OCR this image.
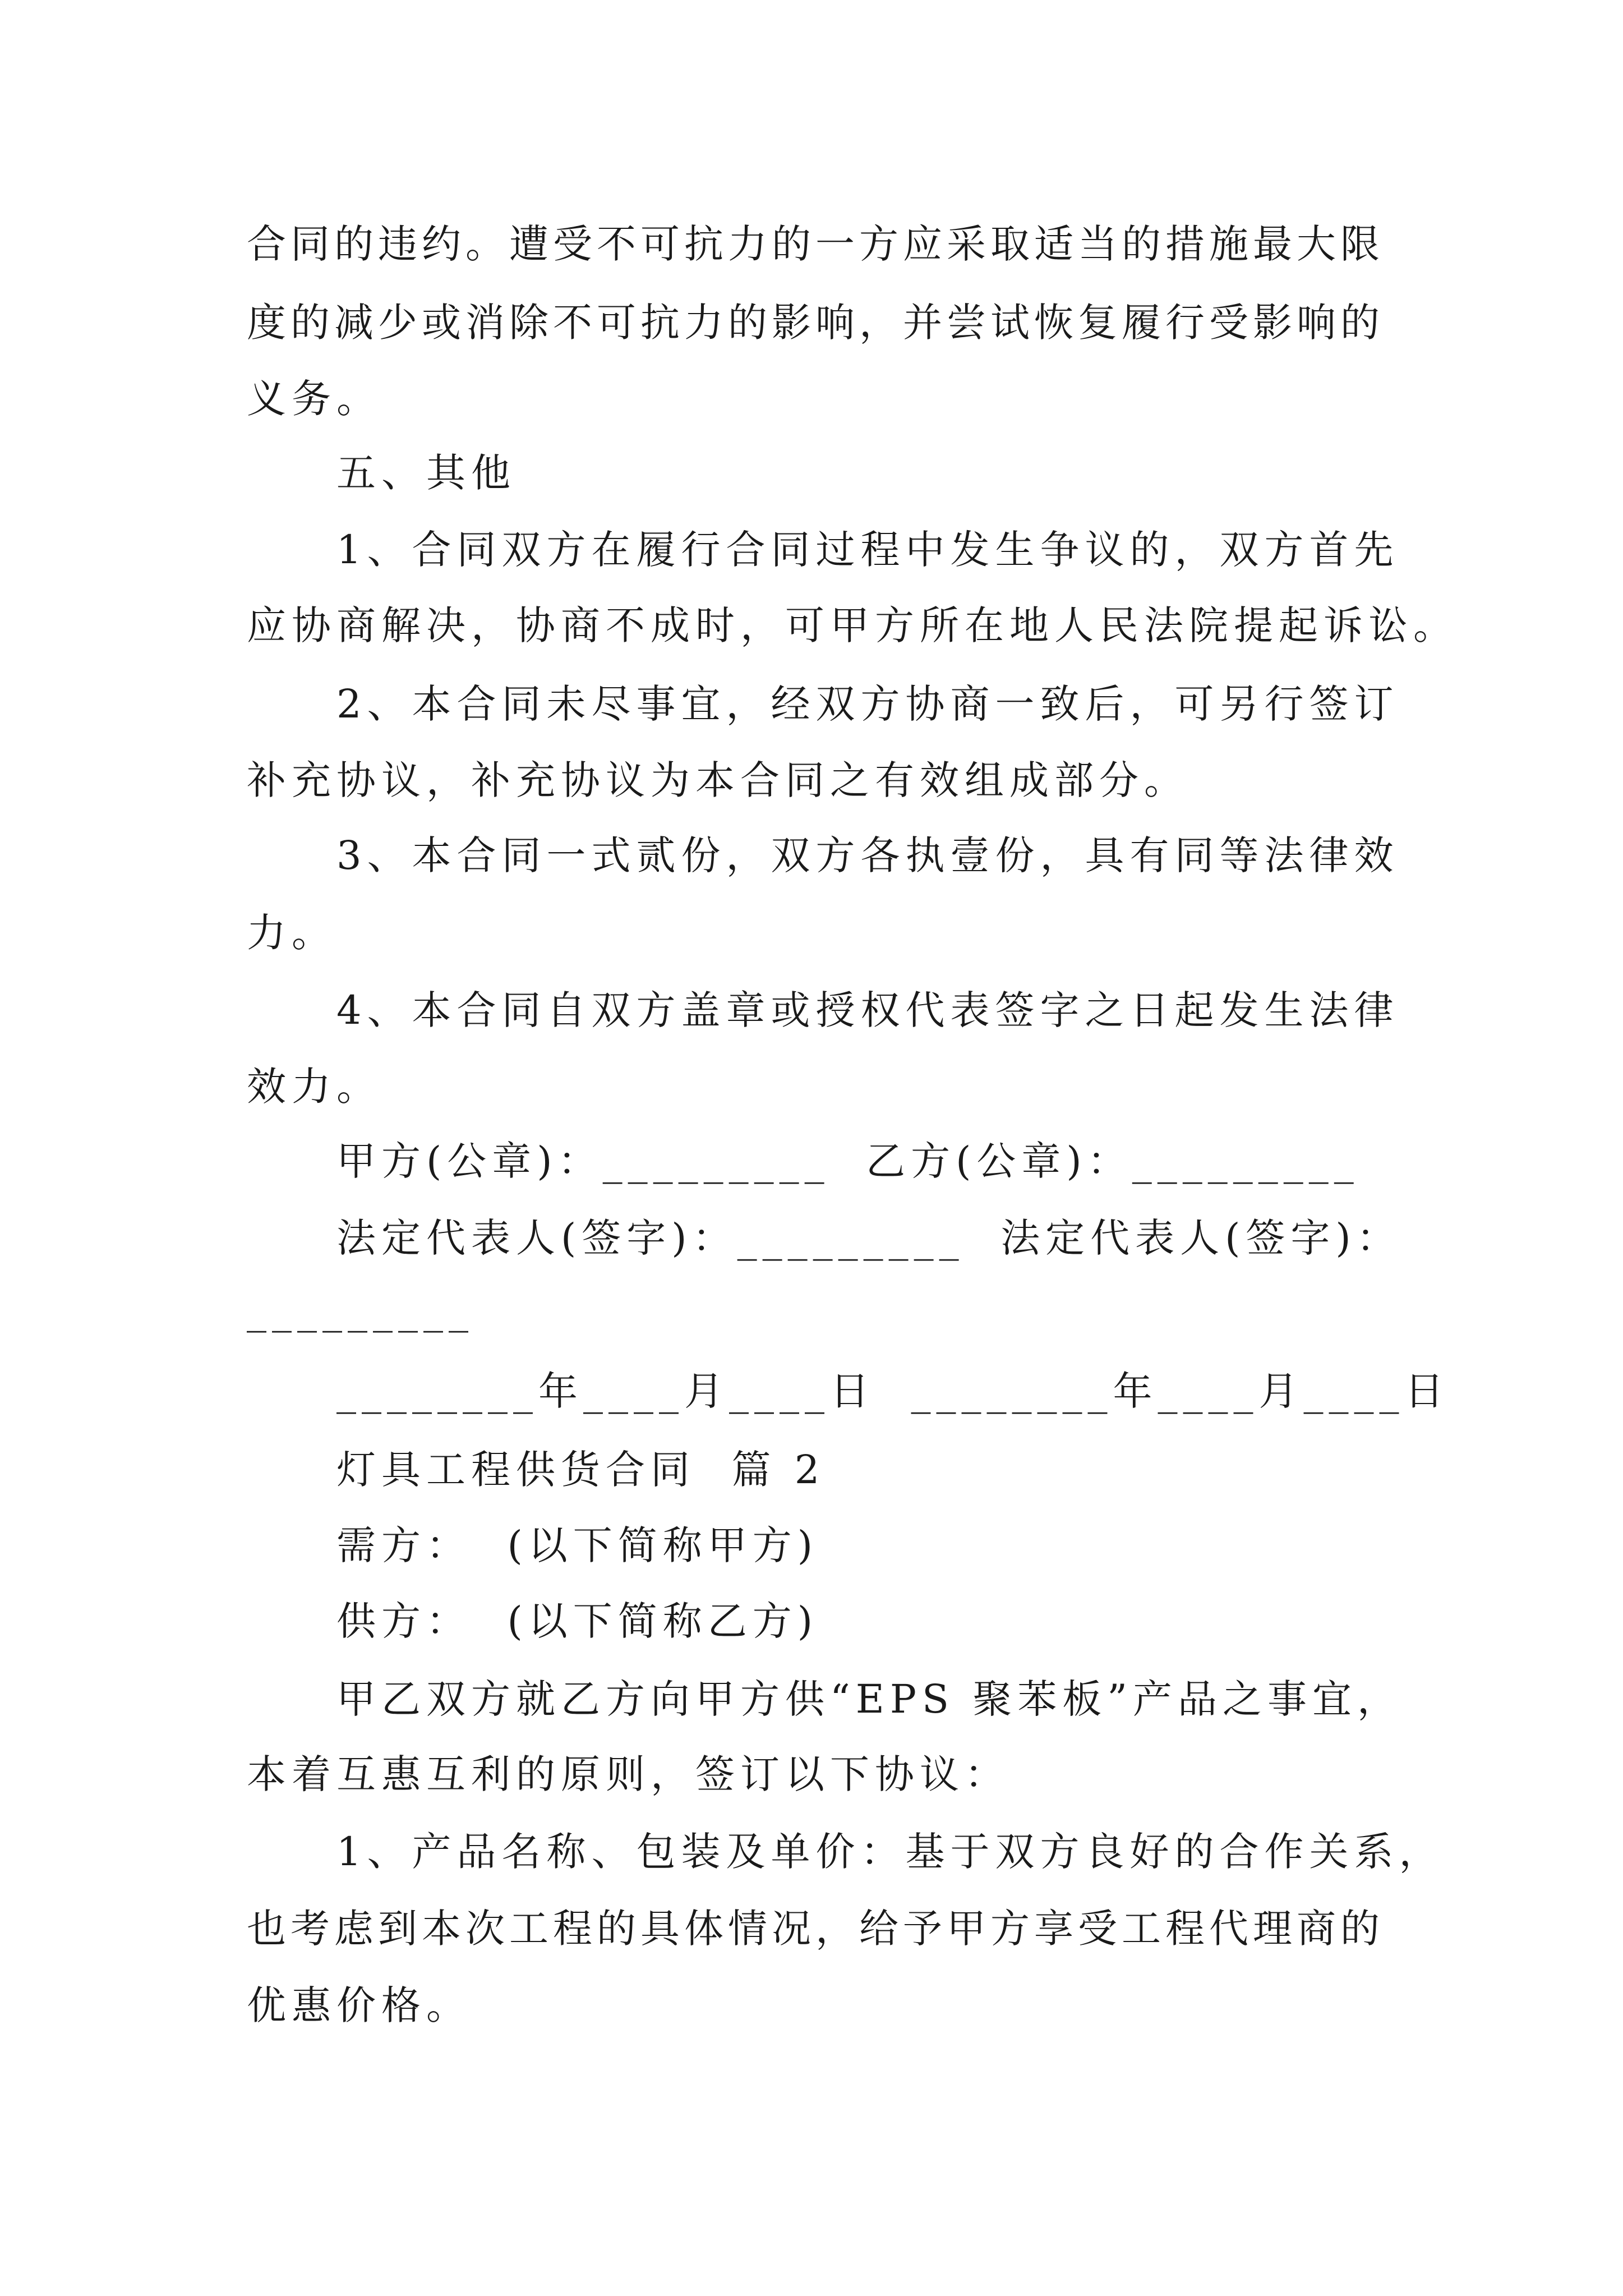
合 同 的 违 约 。 遭 受 不 可 抗 力 的 一 方 应 采 取 适 当 的 措 施 最 大 限
度 的 减 少 或 消 除 不 可 抗 力 的 影 响 ， 并 尝 试 恢 复 履 行 受 影 响 的
义务。
五、其他
1、合同双方在履行合同过程中发生争议的，双方首先
应协商解决，协商不成时，可甲方所在地人民法院提起诉讼。
2、本合同未尽事宜，经双方协商一致后，可另行签订
补充协议，补充协议为本合同之有效组成部分。
3、本合同一式贰份，双方各执壹份，具有同等法律效
力。
4、本合同自双方盖章或授权代表签字之日起发生法律
效力。
甲方(公章)：_________  乙方(公章)：_________
法定代表人(签字)：_________  法定代表人(签字)：
_________
________年____月____日  ________年____月____日
灯具工程供货合同  篇 2
需方：  (以下简称甲方)
供方：  (以下简称乙方)
甲乙双方就乙方向甲方供“EPS 聚苯板”产品之事宜，
本着互惠互利的原则，签订以下协议：
1、产品名称、包装及单价：基于双方良好的合作关系，
也 考 虑 到 本 次 工 程 的 具 体 情 况 ， 给 予 甲 方 享 受 工 程 代 理 商 的
优惠价格。
